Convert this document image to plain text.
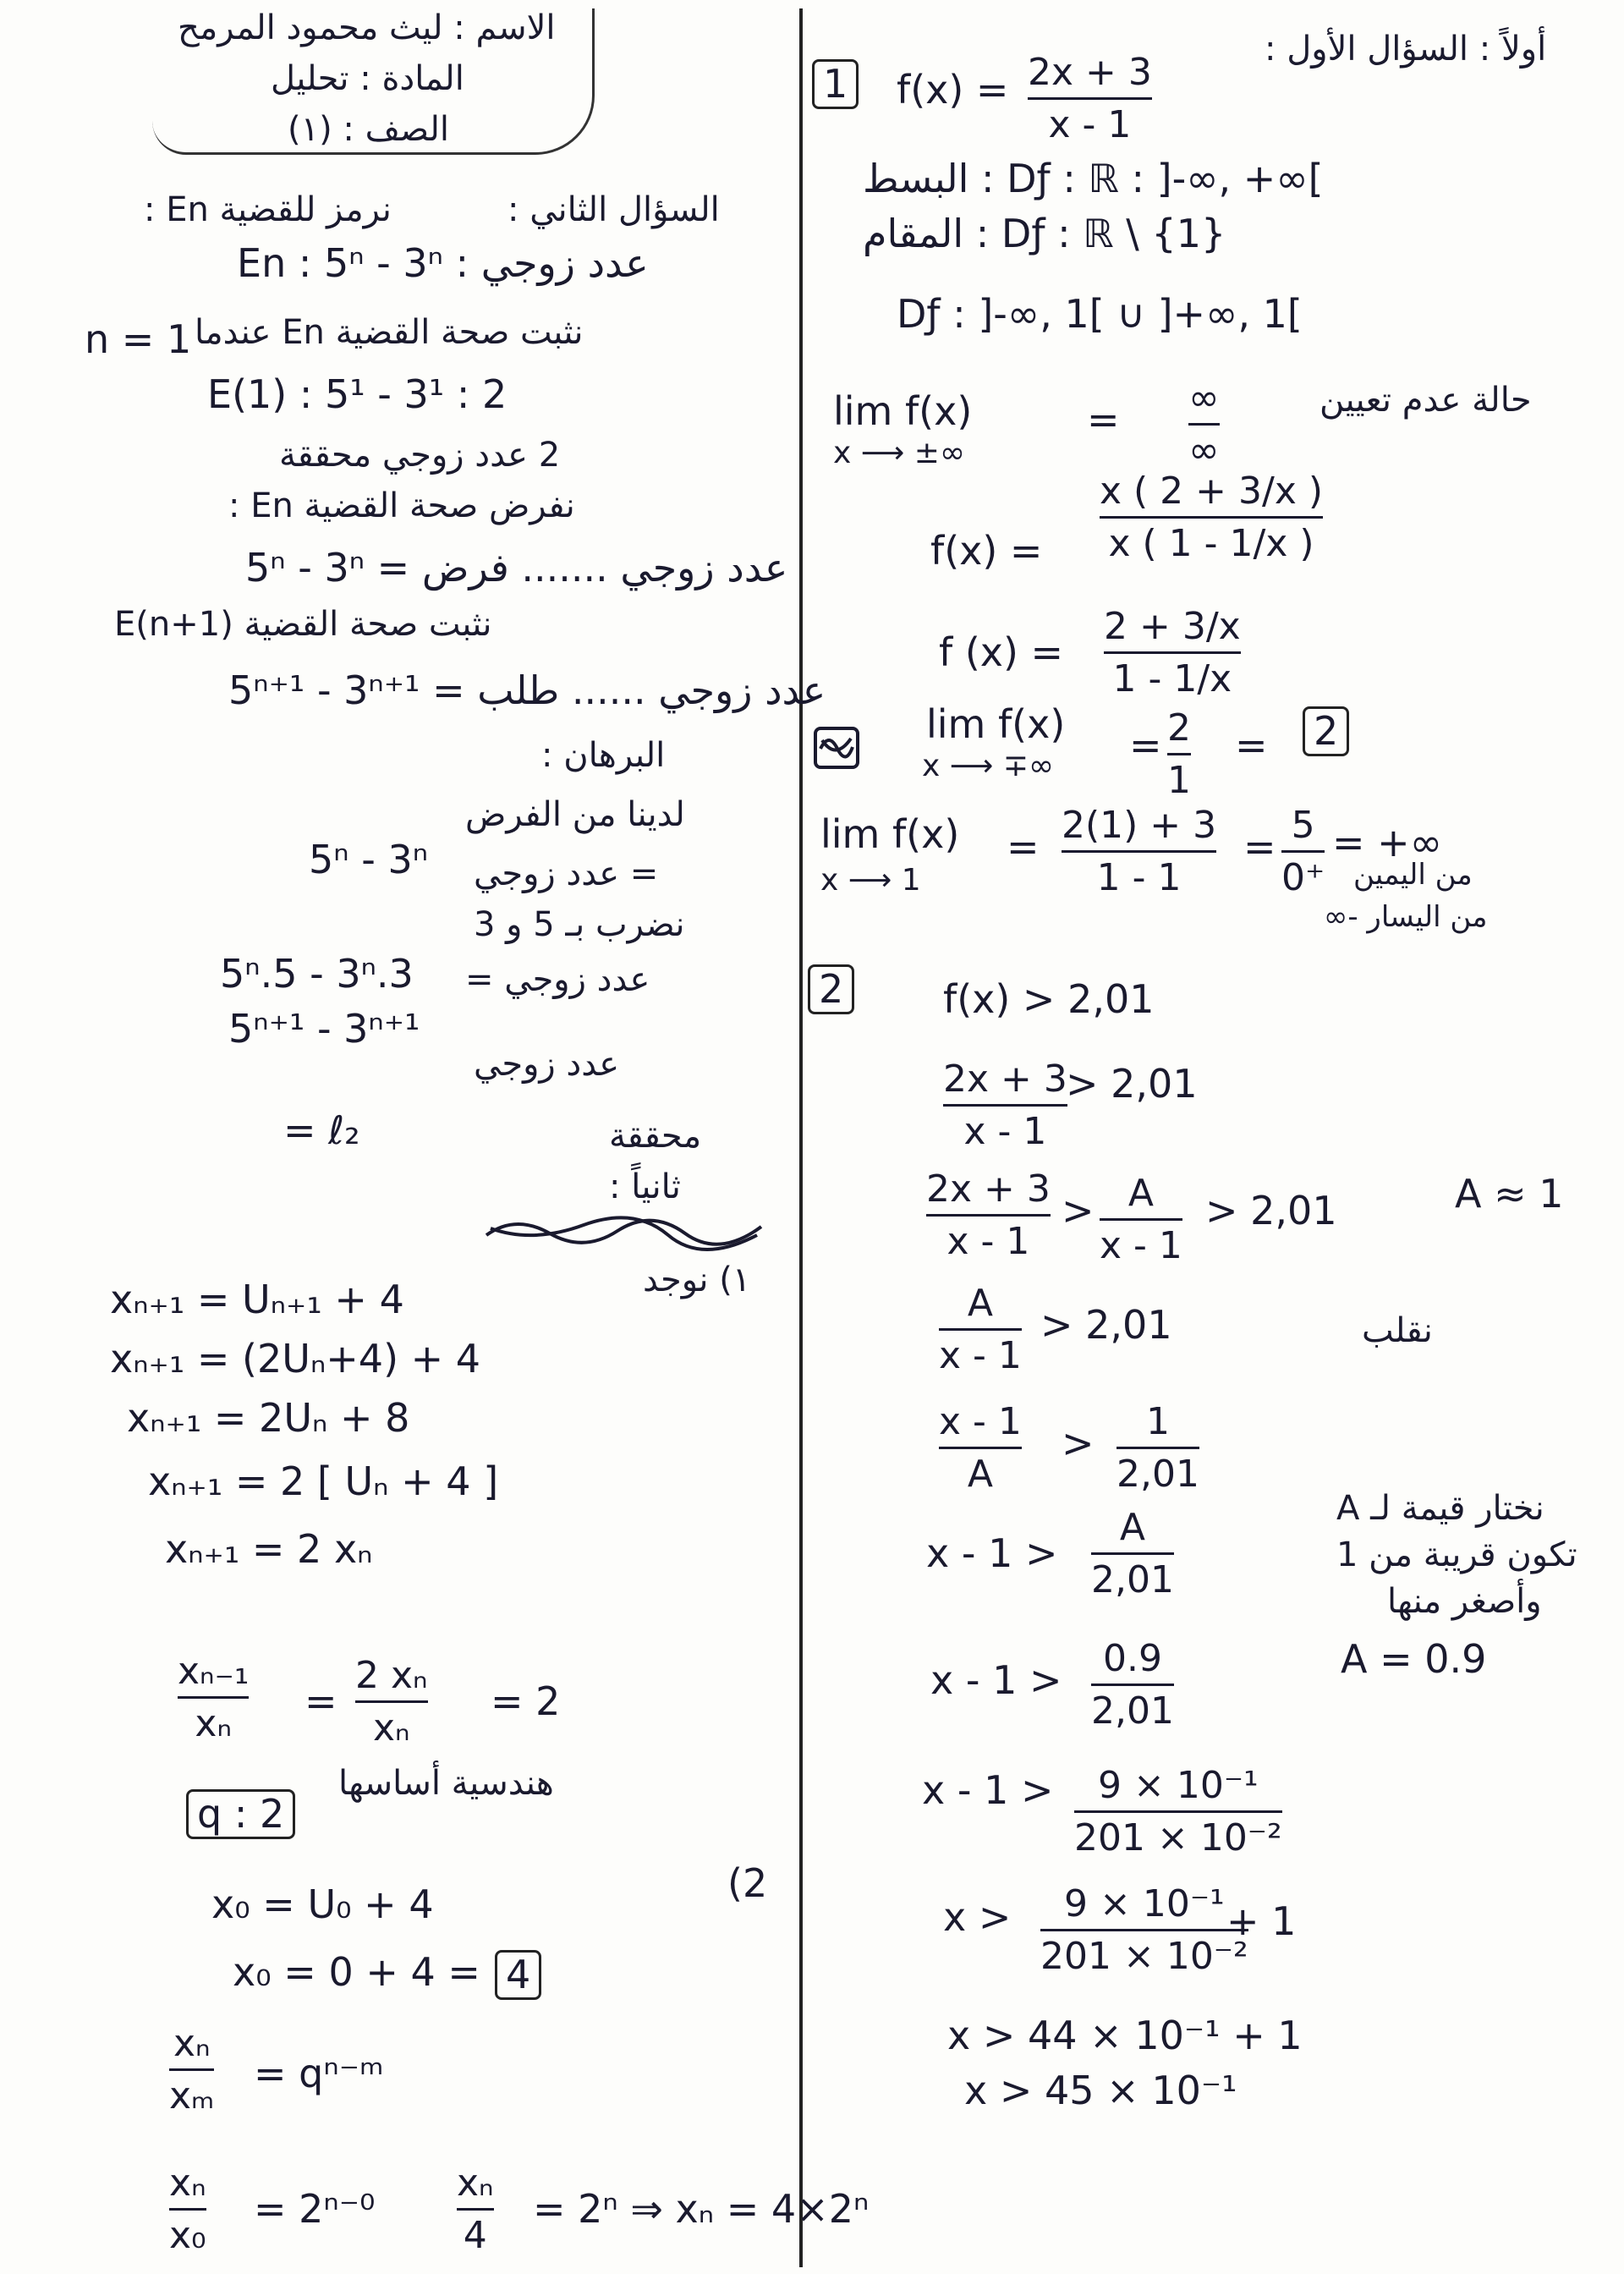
الاسم : ليث محمود المرمح
المادة : تحليل
الصف : (١)
السؤال الثاني :
نرمز للقضية En :
En : 5ⁿ - 3ⁿ : عدد زوجي
نثبت صحة القضية En عندما
n = 1
E(1) : 5¹ - 3¹ : 2
2 عدد زوجي محققة
نفرض صحة القضية En :
5ⁿ - 3ⁿ = عدد زوجي ....... فرض
نثبت صحة القضية E(n+1)
5ⁿ⁺¹ - 3ⁿ⁺¹ = عدد زوجي ...... طلب
البرهان :
لدينا من الفرض
5ⁿ - 3ⁿ = عدد زوجي
نضرب بـ 5 و 3
5ⁿ.5 - 3ⁿ.3 عدد زوجي =
5ⁿ⁺¹ - 3ⁿ⁺¹
عدد زوجي
= ℓ₂	محققة
ثانياً :
١) نوجد
xₙ₊₁ = Uₙ₊₁ + 4
xₙ₊₁ = (2Uₙ+4) + 4
xₙ₊₁ = 2Uₙ + 8
xₙ₊₁ = 2 [ Uₙ + 4 ]
xₙ₊₁ = 2 xₙ
xₙ₋₁
xₙ =
2 xₙ
xₙ
= 2
q : 2
هندسية أساسها
(2
x₀ = U₀ + 4
x₀ = 0 + 4 = 4
xₙ
xₘ = qⁿ⁻ᵐ
xₙ
x₀
= 2ⁿ⁻⁰
xₙ
4
= 2ⁿ ⇒ xₙ = 4×2ⁿ
أولاً : السؤال الأول :
1 f(x) = 2x + 3
x - 1
البسط : Dƒ : ℝ : ]-∞, +∞[
المقام : Dƒ : ℝ \ {1}
Dƒ : ]-∞, 1[ ∪ ]+∞, 1[
lim f(x)
x ⟶ ±∞
= ∞
∞
حالة عدم تعيين
f(x) =
x ( 2 + 3/x )
x ( 1 - 1/x )
f (x) =
2 + 3/x
1 - 1/x
lim f(x)
x ⟶ ∓∞ = 2
1
= 2
lim f(x)
x ⟶ 1
= 2(1) + 3
1 - 1
= 5
0⁺
= +∞
من اليمين
من اليسار -∞
2	f(x) > 2,01
2x + 3
x - 1
> 2,01
2x + 3
x - 1
> A
x - 1
> 2,01	A ≈ 1
A
x - 1
> 2,01	نقلب
x - 1
A
> 1
2,01
نختار قيمة لـ A
تكون قريبة من 1
وأصغر منها
A = 0.9
x - 1 >
A
2,01
x - 1 > 0.9
2,01
x - 1 > 9 × 10⁻¹
201 × 10⁻²
x > 9 × 10⁻¹
201 × 10⁻²
+ 1
x > 44 × 10⁻¹ + 1
x > 45 × 10⁻¹
